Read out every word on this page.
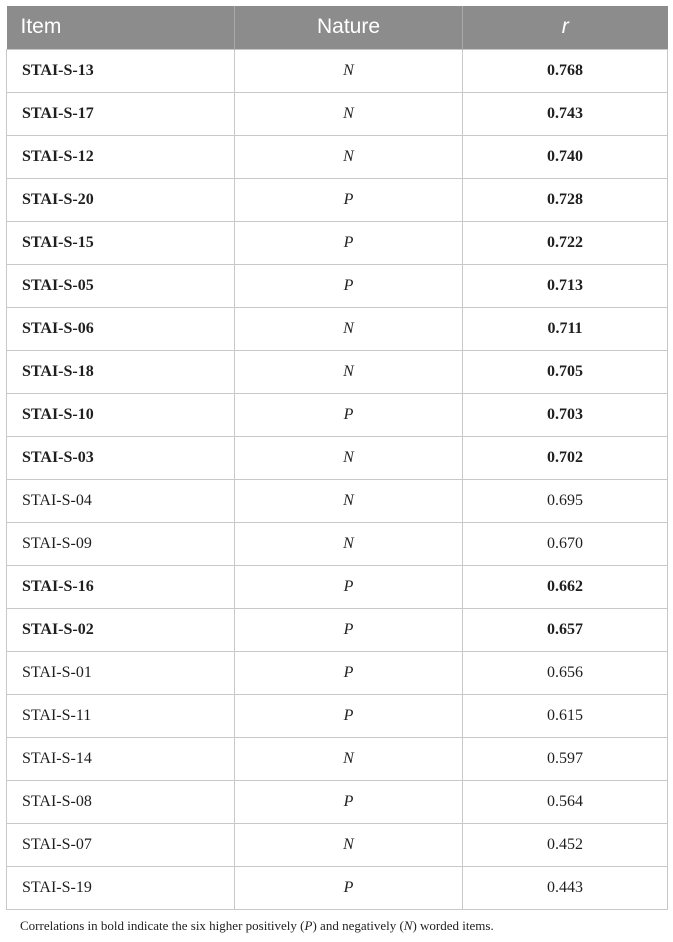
Item	Nature	r
STAI-S-13	N	0.768
STAI-S-17	N	0.743
STAI-S-12	N	0.740
STAI-S-20	P	0.728
STAI-S-15	P	0.722
STAI-S-05	P	0.713
STAI-S-06	N	0.711
STAI-S-18	N	0.705
STAI-S-10	P	0.703
STAI-S-03	N	0.702
STAI-S-04	N	0.695
STAI-S-09	N	0.670
STAI-S-16	P	0.662
STAI-S-02	P	0.657
STAI-S-01	P	0.656
STAI-S-11	P	0.615
STAI-S-14	N	0.597
STAI-S-08	P	0.564
STAI-S-07	N	0.452
STAI-S-19	P	0.443
Correlations in bold indicate the six higher positively (P) and negatively (N) worded items.
